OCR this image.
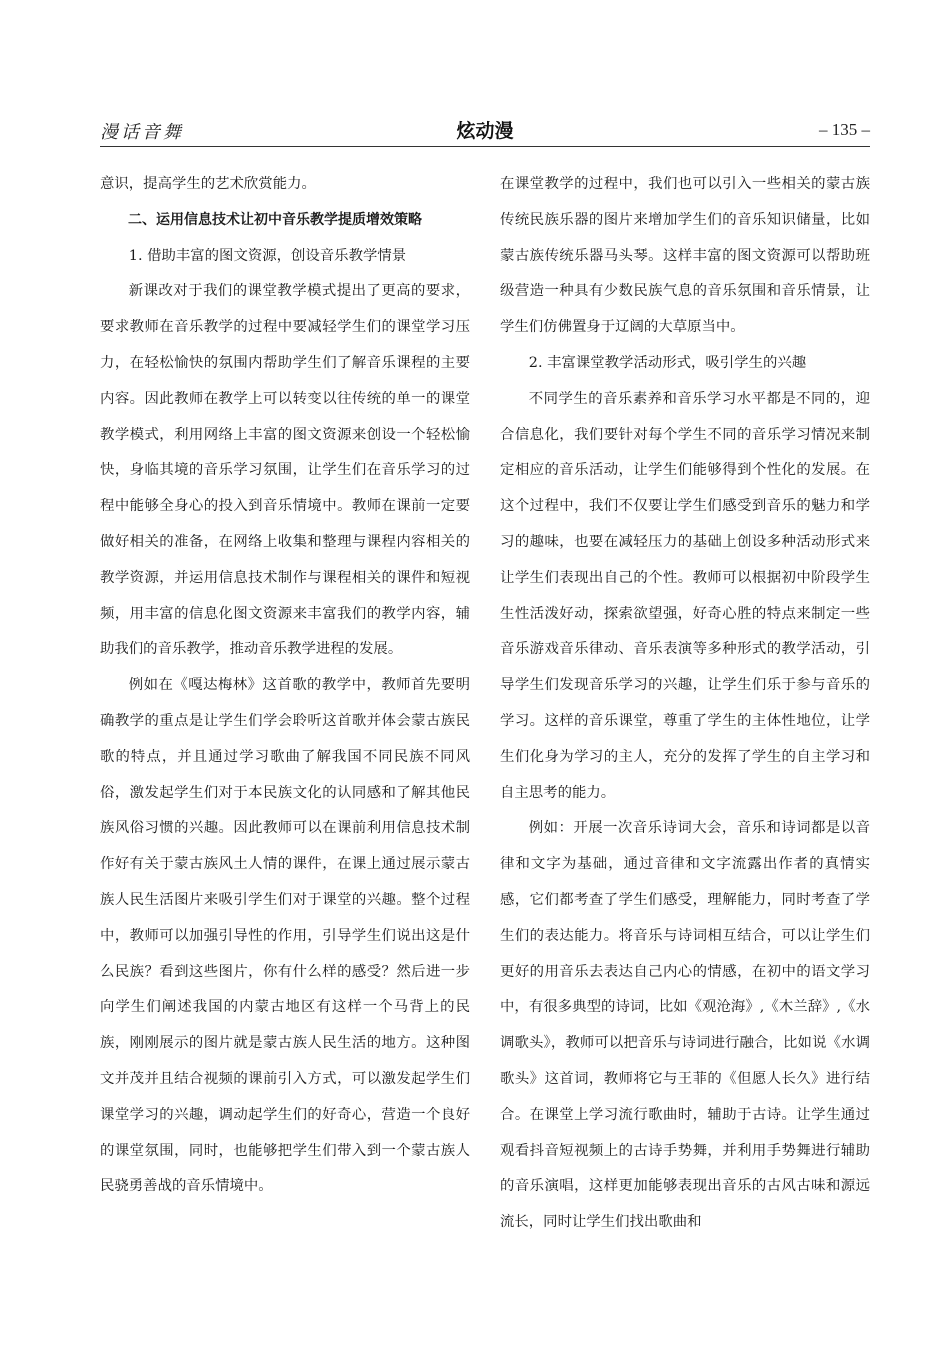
漫话音舞	炫动漫	– 135 –

意识，提高学生的艺术欣赏能力。

二、运用信息技术让初中音乐教学提质增效策略

1. 借助丰富的图文资源，创设音乐教学情景

新课改对于我们的课堂教学模式提出了更高的要求，要求教师在音乐教学的过程中要减轻学生们的课堂学习压力，在轻松愉快的氛围内帮助学生们了解音乐课程的主要内容。因此教师在教学上可以转变以往传统的单一的课堂教学模式，利用网络上丰富的图文资源来创设一个轻松愉快，身临其境的音乐学习氛围，让学生们在音乐学习的过程中能够全身心的投入到音乐情境中。教师在课前一定要做好相关的准备，在网络上收集和整理与课程内容相关的教学资源，并运用信息技术制作与课程相关的课件和短视频，用丰富的信息化图文资源来丰富我们的教学内容，辅助我们的音乐教学，推动音乐教学进程的发展。

例如在《嘎达梅林》这首歌的教学中，教师首先要明确教学的重点是让学生们学会聆听这首歌并体会蒙古族民歌的特点，并且通过学习歌曲了解我国不同民族不同风俗，激发起学生们对于本民族文化的认同感和了解其他民族风俗习惯的兴趣。因此教师可以在课前利用信息技术制作好有关于蒙古族风土人情的课件，在课上通过展示蒙古族人民生活图片来吸引学生们对于课堂的兴趣。整个过程中，教师可以加强引导性的作用，引导学生们说出这是什么民族？看到这些图片，你有什么样的感受？然后进一步向学生们阐述我国的内蒙古地区有这样一个马背上的民族，刚刚展示的图片就是蒙古族人民生活的地方。这种图文并茂并且结合视频的课前引入方式，可以激发起学生们课堂学习的兴趣，调动起学生们的好奇心，营造一个良好的课堂氛围，同时，也能够把学生们带入到一个蒙古族人民骁勇善战的音乐情境中。

在课堂教学的过程中，我们也可以引入一些相关的蒙古族传统民族乐器的图片来增加学生们的音乐知识储量，比如蒙古族传统乐器马头琴。这样丰富的图文资源可以帮助班级营造一种具有少数民族气息的音乐氛围和音乐情景，让学生们仿佛置身于辽阔的大草原当中。

2. 丰富课堂教学活动形式，吸引学生的兴趣

不同学生的音乐素养和音乐学习水平都是不同的，迎合信息化，我们要针对每个学生不同的音乐学习情况来制定相应的音乐活动，让学生们能够得到个性化的发展。在这个过程中，我们不仅要让学生们感受到音乐的魅力和学习的趣味，也要在减轻压力的基础上创设多种活动形式来让学生们表现出自己的个性。教师可以根据初中阶段学生生性活泼好动，探索欲望强，好奇心胜的特点来制定一些音乐游戏音乐律动、音乐表演等多种形式的教学活动，引导学生们发现音乐学习的兴趣，让学生们乐于参与音乐的学习。这样的音乐课堂，尊重了学生的主体性地位，让学生们化身为学习的主人，充分的发挥了学生的自主学习和自主思考的能力。

例如：开展一次音乐诗词大会，音乐和诗词都是以音律和文字为基础，通过音律和文字流露出作者的真情实感，它们都考查了学生们感受，理解能力，同时考查了学生们的表达能力。将音乐与诗词相互结合，可以让学生们更好的用音乐去表达自己内心的情感，在初中的语文学习中，有很多典型的诗词，比如《观沧海》,《木兰辞》,《水调歌头》，教师可以把音乐与诗词进行融合，比如说《水调歌头》这首词，教师将它与王菲的《但愿人长久》进行结合。在课堂上学习流行歌曲时，辅助于古诗。让学生通过观看抖音短视频上的古诗手势舞，并利用手势舞进行辅助的音乐演唱，这样更加能够表现出音乐的古风古味和源远流长，同时让学生们找出歌曲和
